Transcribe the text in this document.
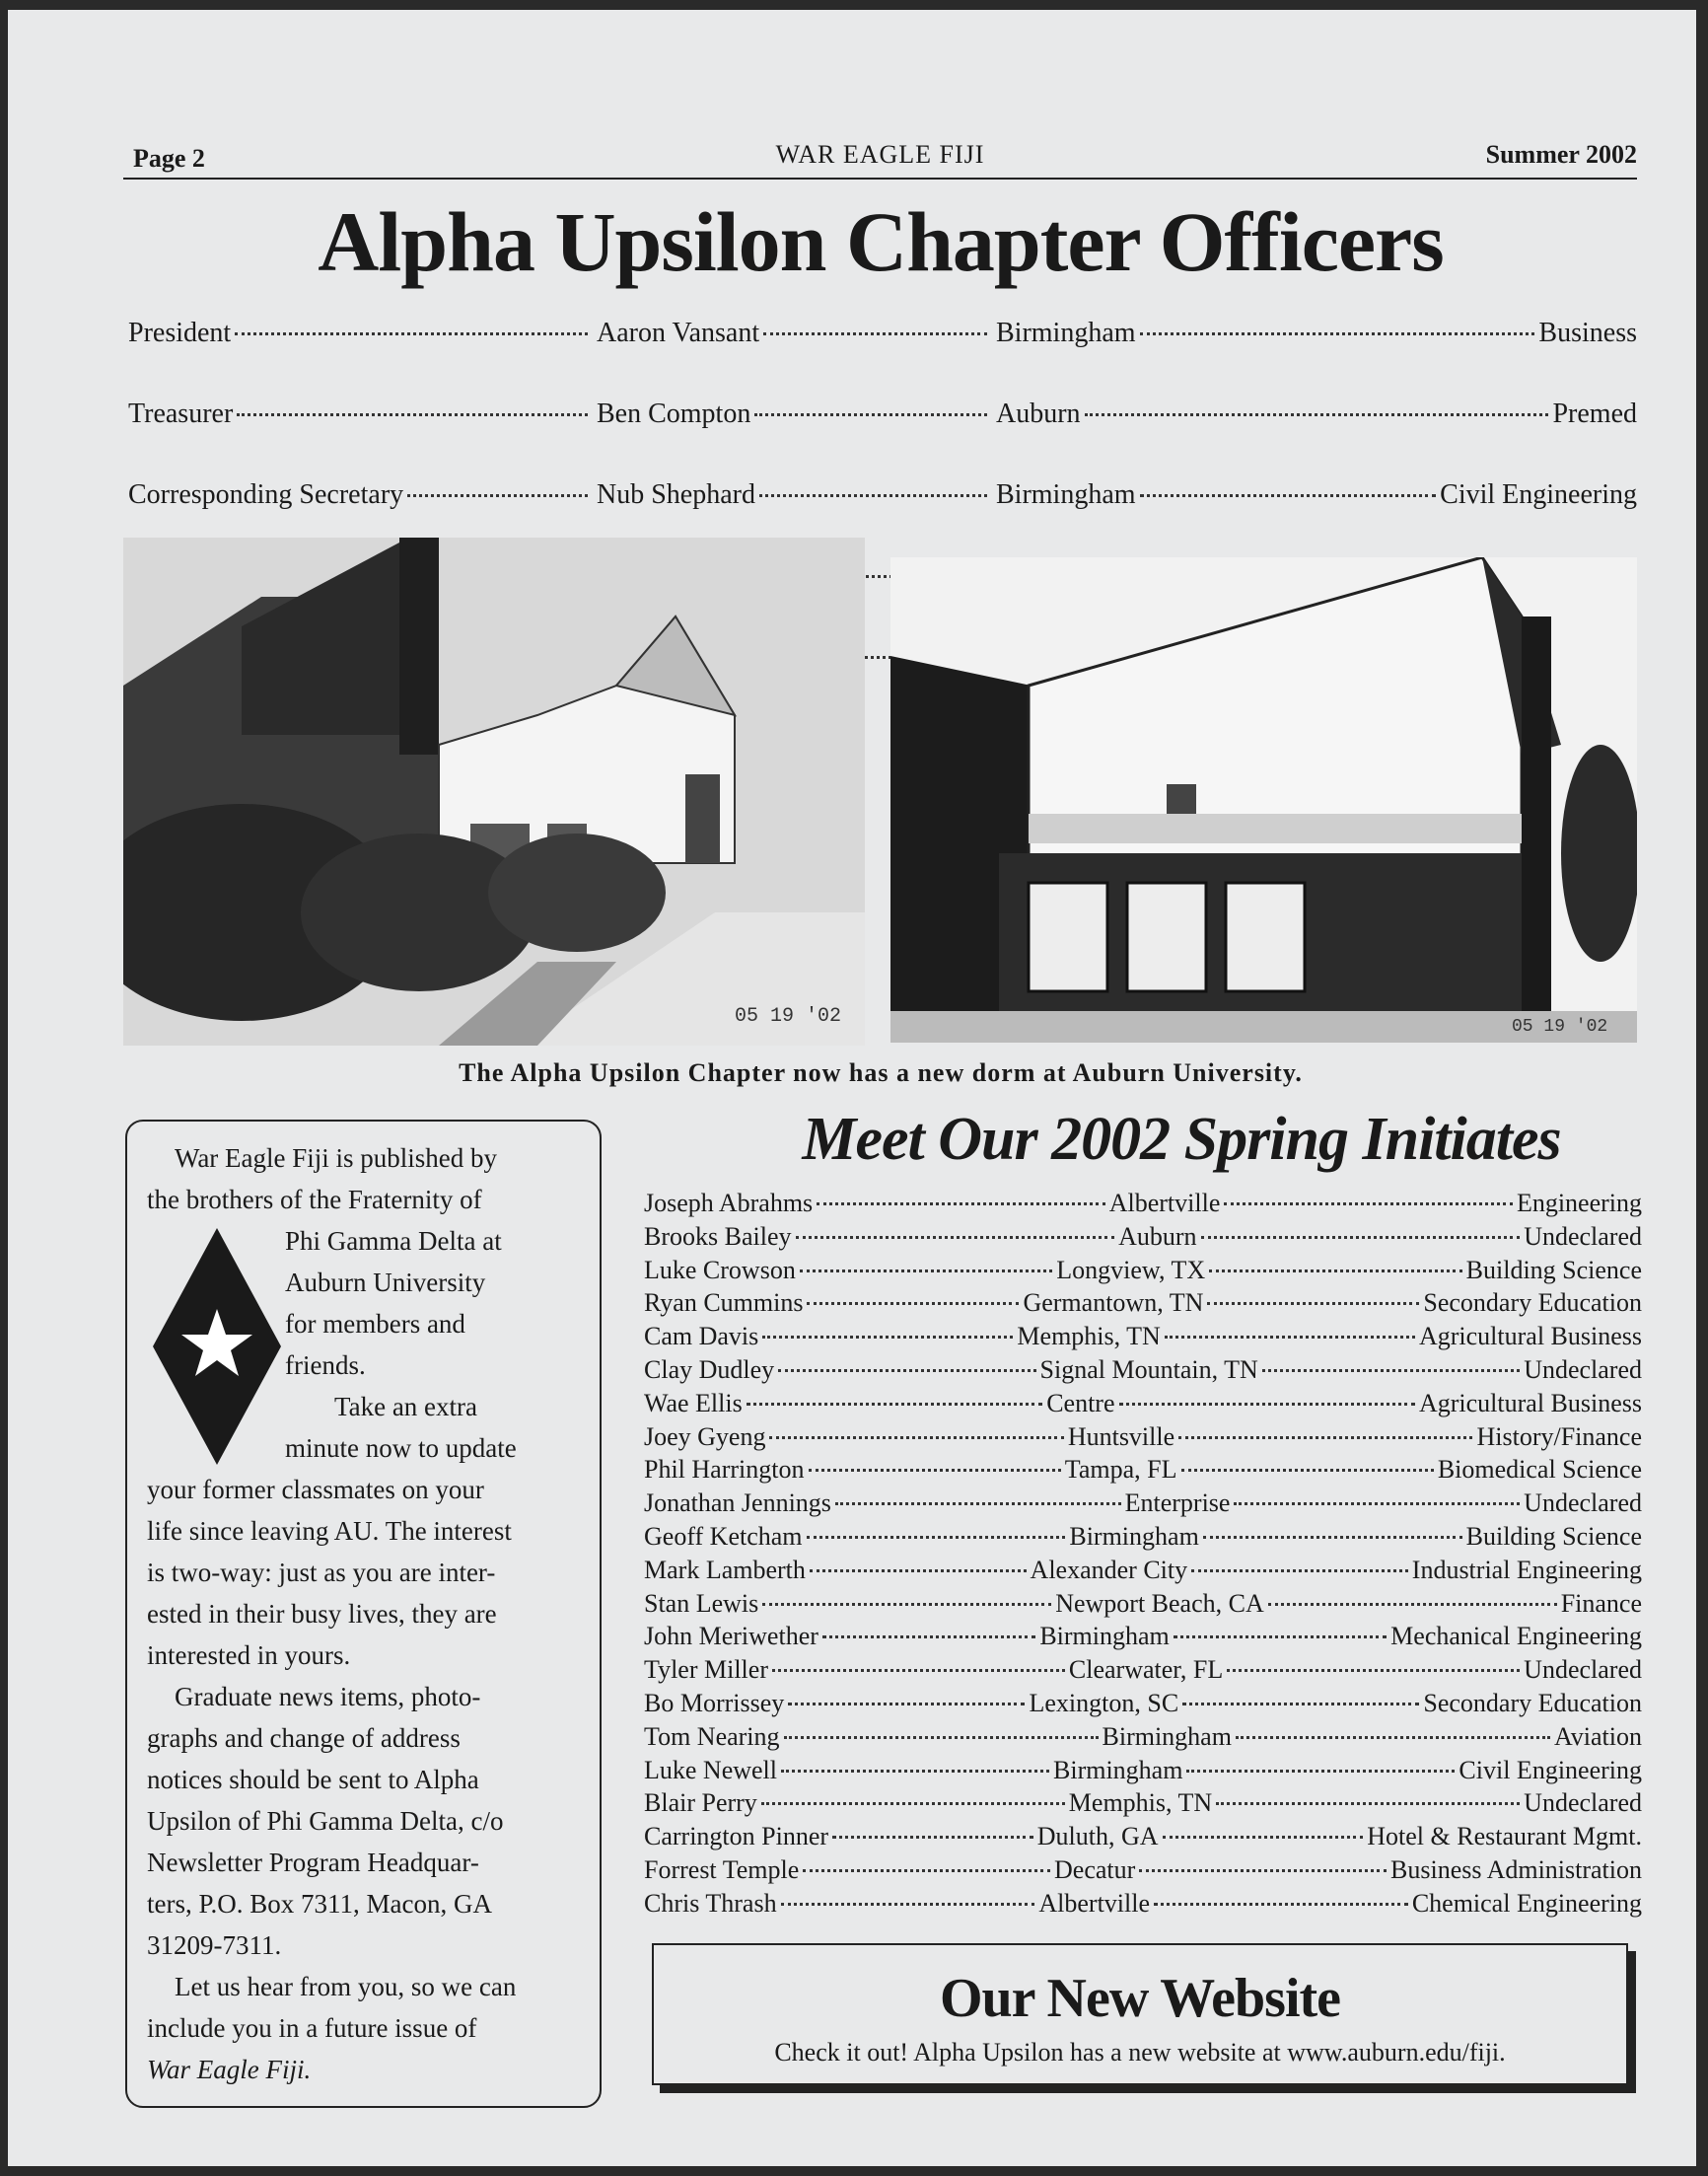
Page 2	WAR EAGLE FIJI	Summer 2002
Alpha Upsilon Chapter Officers
President	Aaron Vansant	Birmingham	Business
Treasurer	Ben Compton	Auburn	Premed
Corresponding Secretary	Nub Shephard	Birmingham	Civil Engineering
05 19 '02	05 19 '02
The Alpha Upsilon Chapter now has a new dorm at Auburn University.
War Eagle Fiji is published by
the brothers of the Fraternity of
Phi Gamma Delta at
Auburn University
for members and
friends.
Take an extra
minute now to update
your former classmates on your
life since leaving AU. The interest
is two-way: just as you are inter-
ested in their busy lives, they are
interested in yours.
Graduate news items, photo-
graphs and change of address
notices should be sent to Alpha
Upsilon of Phi Gamma Delta, c/o
Newsletter Program Headquar-
ters, P.O. Box 7311, Macon, GA
31209-7311.
Let us hear from you, so we can
include you in a future issue of
War Eagle Fiji.
Meet Our 2002 Spring Initiates
Joseph Abrahms	Albertville	Engineering
Brooks Bailey	Auburn	Undeclared
Luke Crowson	Longview, TX	Building Science
Ryan Cummins	Germantown, TN	Secondary Education
Cam Davis	Memphis, TN	Agricultural Business
Clay Dudley	Signal Mountain, TN	Undeclared
Wae Ellis	Centre	Agricultural Business
Joey Gyeng	Huntsville	History/Finance
Phil Harrington	Tampa, FL	Biomedical Science
Jonathan Jennings	Enterprise	Undeclared
Geoff Ketcham	Birmingham	Building Science
Mark Lamberth	Alexander City	Industrial Engineering
Stan Lewis	Newport Beach, CA	Finance
John Meriwether	Birmingham	Mechanical Engineering
Tyler Miller	Clearwater, FL	Undeclared
Bo Morrissey	Lexington, SC	Secondary Education
Tom Nearing	Birmingham	Aviation
Luke Newell	Birmingham	Civil Engineering
Blair Perry	Memphis, TN	Undeclared
Carrington Pinner	Duluth, GA	Hotel & Restaurant Mgmt.
Forrest Temple	Decatur	Business Administration
Chris Thrash	Albertville	Chemical Engineering
Our New Website
Check it out! Alpha Upsilon has a new website at www.auburn.edu/fiji.
